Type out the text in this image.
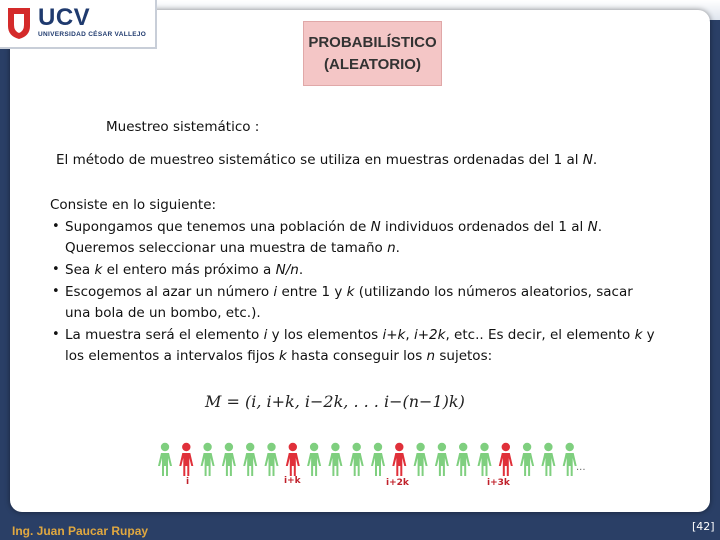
UCV
UNIVERSIDAD CÉSAR VALLEJO	PROBABILÍSTICO
(ALEATORIO)
Muestreo sistemático :
El método de muestreo sistemático se utiliza en muestras ordenadas del 1 al N.
Consiste en lo siguiente:
• Supongamos que tenemos una población de N individuos ordenados del 1 al N.
Queremos seleccionar una muestra de tamaño n.
• Sea k el entero más próximo a N/n.
• Escogemos al azar un número i entre 1 y k (utilizando los números aleatorios, sacar
una bola de un bombo, etc.).
• La muestra será el elemento i y los elementos i+k, i+2k, etc.. Es decir, el elemento k y
los elementos a intervalos fijos k hasta conseguir los n sujetos:
M = (i, i+k, i−2k, . . . i−(n−1)k)
i	i+k	i+2k	i+3k
...
Ing. Juan Paucar Rupay	[42]
